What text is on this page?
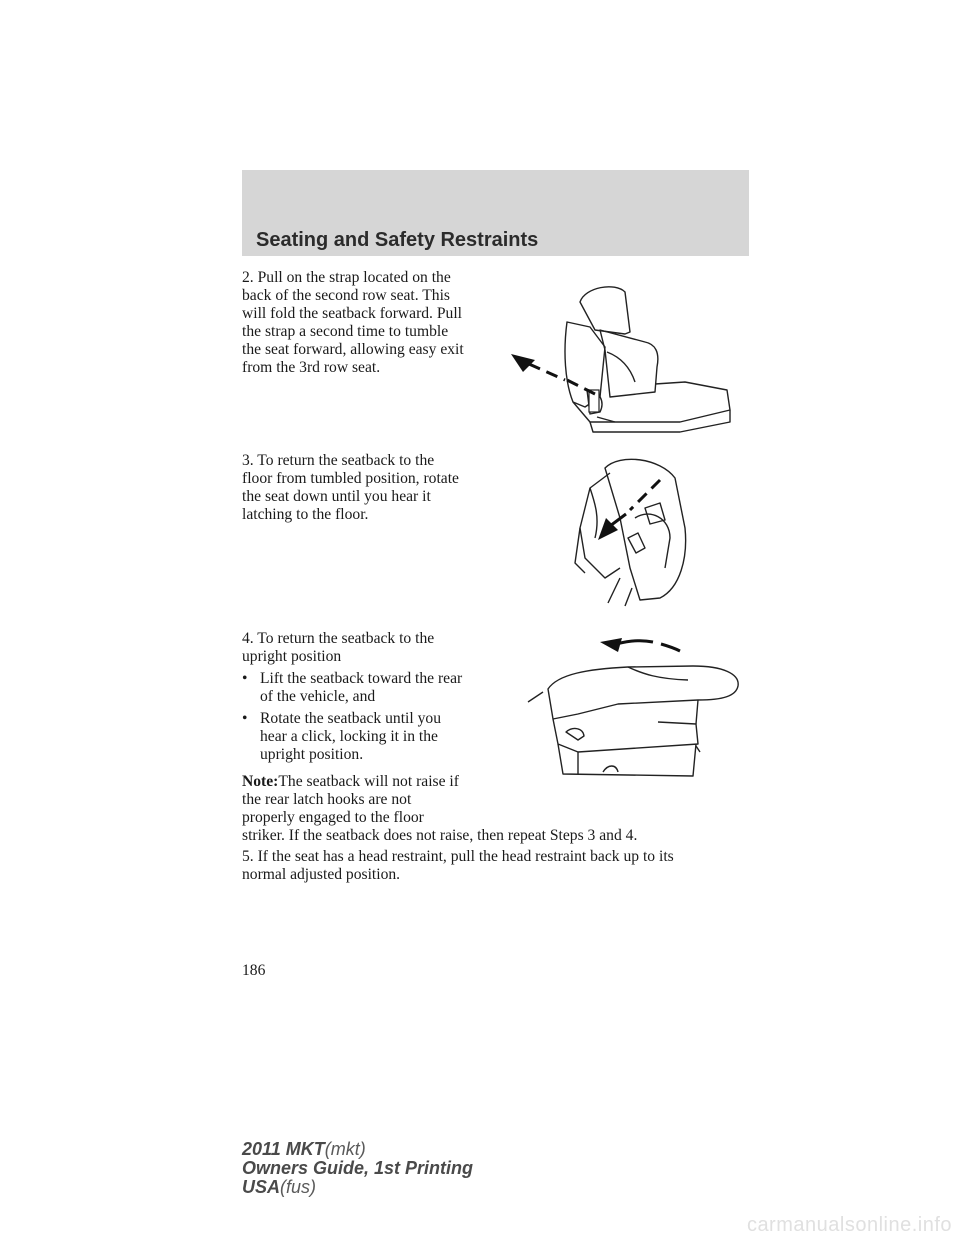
Seating and Safety Restraints

2. Pull on the strap located on the

back of the second row seat. This

will fold the seatback forward. Pull

the strap a second time to tumble

the seat forward, allowing easy exit

from the 3rd row seat.

3. To return the seatback to the

floor from tumbled position, rotate

the seat down until you hear it

latching to the floor.

4. To return the seatback to the

upright position

• Lift the seatback toward the rear

of the vehicle, and

• Rotate the seatback until you

hear a click, locking it in the

upright position.

Note:The seatback will not raise if

the rear latch hooks are not

properly engaged to the floor

striker. If the seatback does not raise, then repeat Steps 3 and 4.

5. If the seat has a head restraint, pull the head restraint back up to its

normal adjusted position.

186
2011 MKT(mkt)
Owners Guide, 1st Printing
USA(fus)
carmanualsonline.info
